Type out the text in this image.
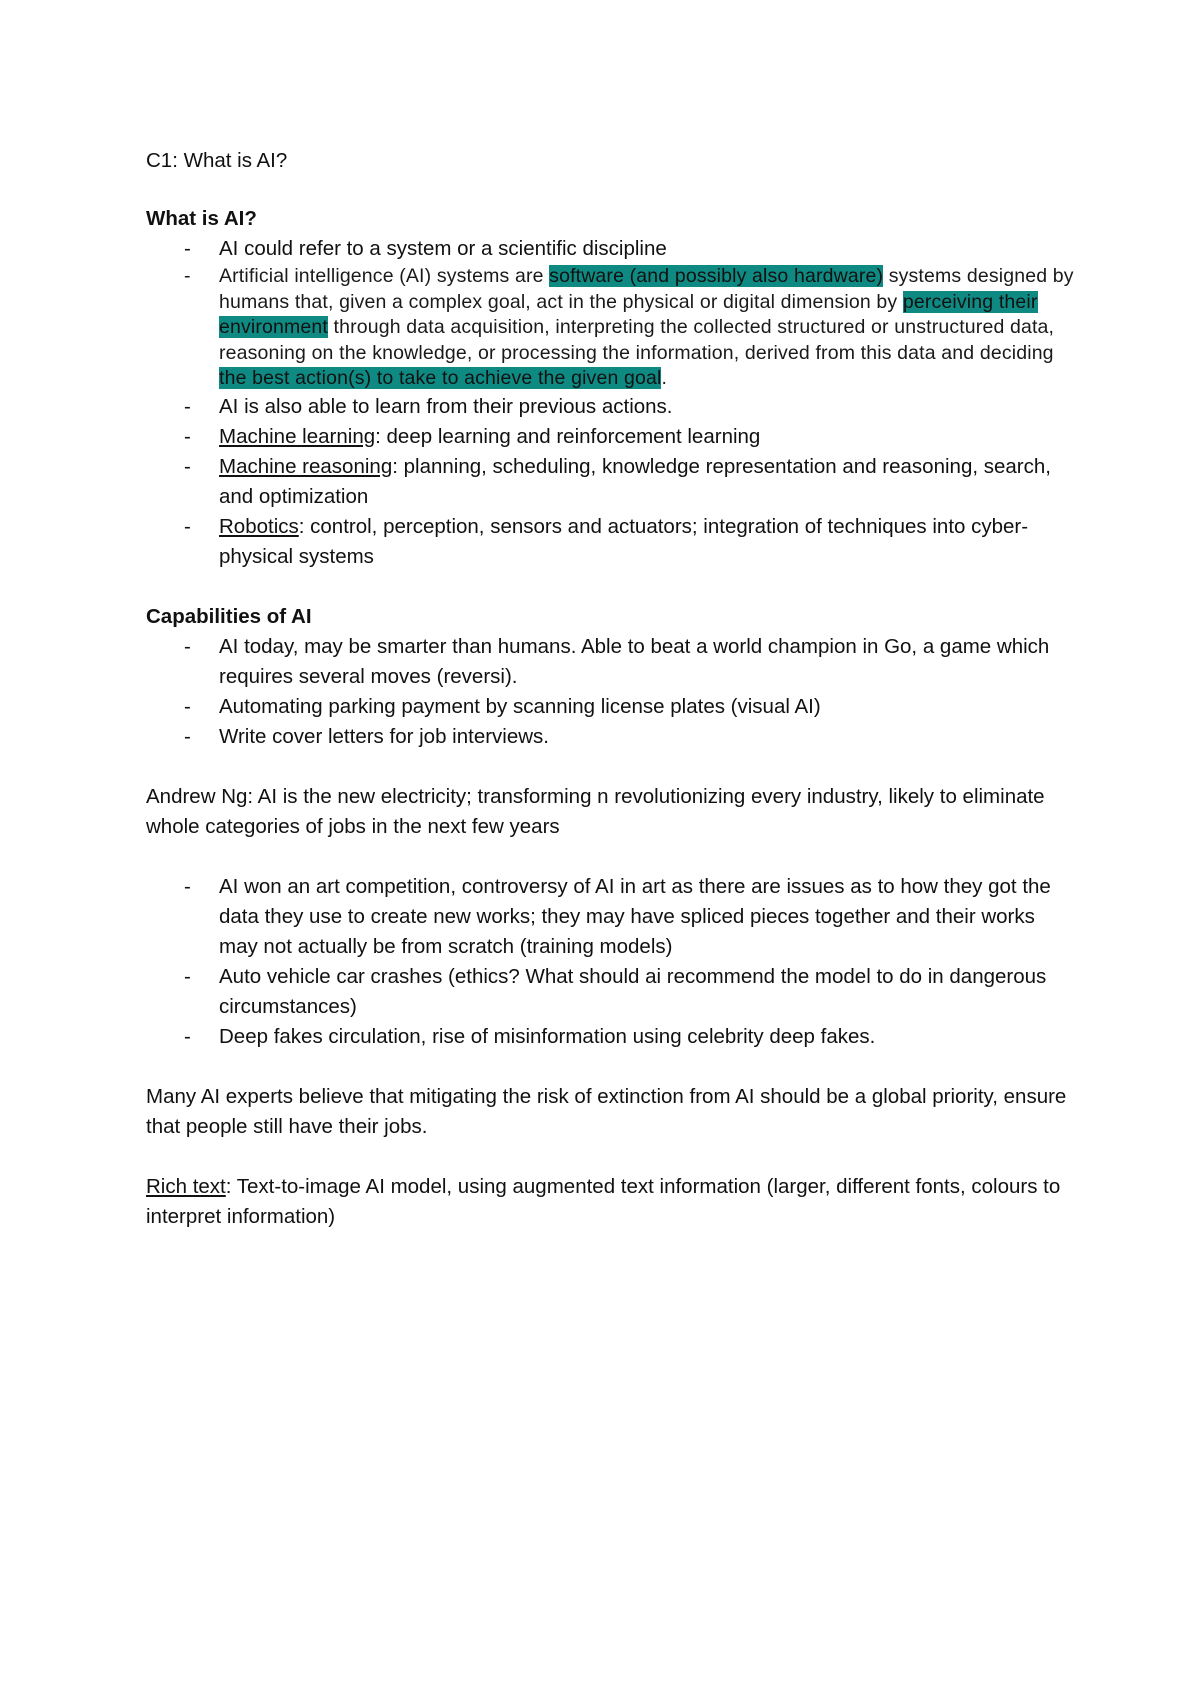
C1: What is AI?

What is AI?
- AI could refer to a system or a scientific discipline
- Artificial intelligence (AI) systems are software (and possibly also hardware) systems designed by humans that, given a complex goal, act in the physical or digital dimension by perceiving their environment through data acquisition, interpreting the collected structured or unstructured data, reasoning on the knowledge, or processing the information, derived from this data and deciding the best action(s) to take to achieve the given goal.
- AI is also able to learn from their previous actions.
- Machine learning: deep learning and reinforcement learning
- Machine reasoning: planning, scheduling, knowledge representation and reasoning, search, and optimization
- Robotics: control, perception, sensors and actuators; integration of techniques into cyber-physical systems
Capabilities of AI
- AI today, may be smarter than humans. Able to beat a world champion in Go, a game which requires several moves (reversi).
- Automating parking payment by scanning license plates (visual AI)
- Write cover letters for job interviews.

Andrew Ng: AI is the new electricity; transforming n revolutionizing every industry, likely to eliminate whole categories of jobs in the next few years

- AI won an art competition, controversy of AI in art as there are issues as to how they got the data they use to create new works; they may have spliced pieces together and their works may not actually be from scratch (training models)
- Auto vehicle car crashes (ethics? What should ai recommend the model to do in dangerous circumstances)
- Deep fakes circulation, rise of misinformation using celebrity deep fakes.

Many AI experts believe that mitigating the risk of extinction from AI should be a global priority, ensure that people still have their jobs.

Rich text: Text-to-image AI model, using augmented text information (larger, different fonts, colours to interpret information)
